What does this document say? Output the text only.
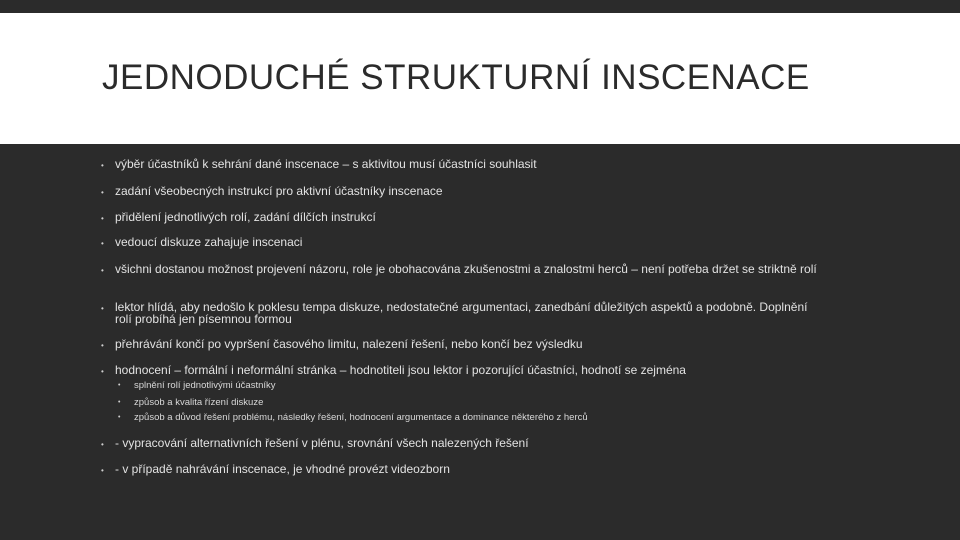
JEDNODUCHÉ STRUKTURNÍ INSCENACE
• výběr účastníků k sehrání dané inscenace – s aktivitou musí účastníci souhlasit
• zadání všeobecných instrukcí pro aktivní účastníky inscenace
• přidělení jednotlivých rolí, zadání dílčích instrukcí
• vedoucí diskuze zahajuje inscenaci
• všichni dostanou možnost projevení názoru, role je obohacována zkušenostmi a znalostmi herců – není potřeba držet se striktně rolí
• lektor hlídá, aby nedošlo k poklesu tempa diskuze, nedostatečné argumentaci, zanedbání důležitých aspektů a podobně. Doplnění rolí probíhá jen písemnou formou
• přehrávání končí po vypršení časového limitu, nalezení řešení, nebo končí bez výsledku
• hodnocení – formální i neformální stránka – hodnotiteli jsou lektor i pozorující účastníci, hodnotí se zejména
• splnění rolí jednotlivými účastníky
• způsob a kvalita řízení diskuze
• způsob a důvod řešení problému, následky řešení, hodnocení argumentace a dominance některého z herců
• - vypracování alternativních řešení v plénu, srovnání všech nalezených řešení
• - v případě nahrávání inscenace, je vhodné provézt videozborn
